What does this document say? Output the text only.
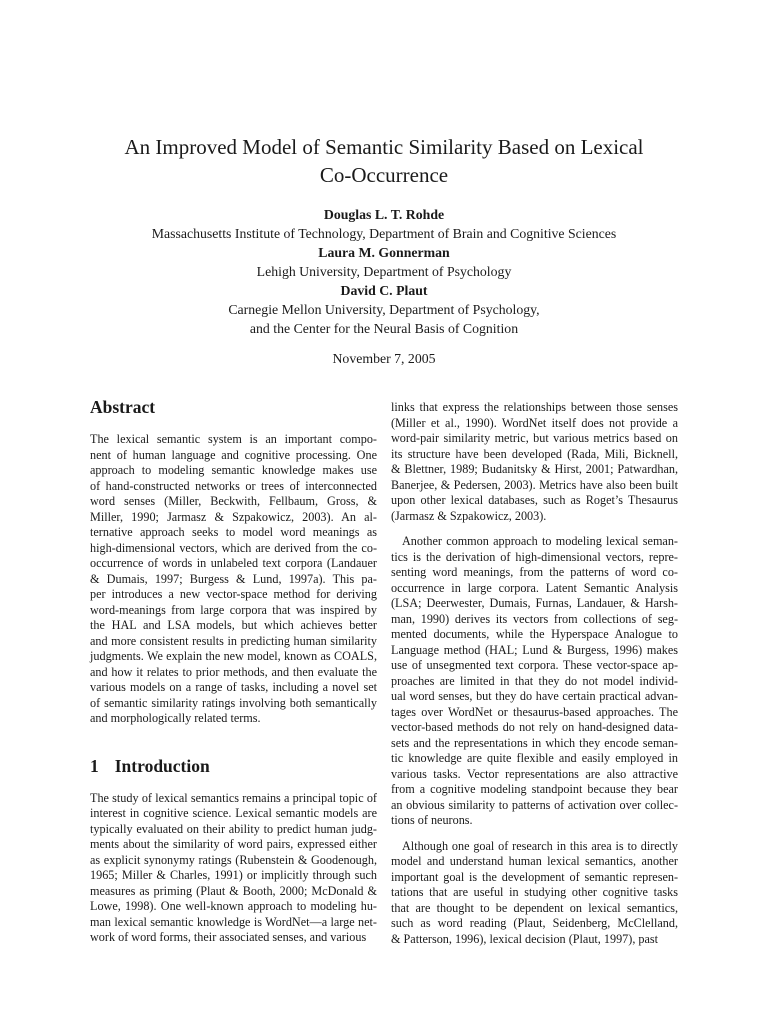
An Improved Model of Semantic Similarity Based on Lexical
Co-Occurrence
Douglas L. T. Rohde
Massachusetts Institute of Technology, Department of Brain and Cognitive Sciences
Laura M. Gonnerman
Lehigh University, Department of Psychology
David C. Plaut
Carnegie Mellon University, Department of Psychology,
and the Center for the Neural Basis of Cognition
November 7, 2005
Abstract
The lexical semantic system is an important compo-
nent of human language and cognitive processing. One
approach to modeling semantic knowledge makes use
of hand-constructed networks or trees of interconnected
word senses (Miller, Beckwith, Fellbaum, Gross, &
Miller, 1990; Jarmasz & Szpakowicz, 2003). An al-
ternative approach seeks to model word meanings as
high-dimensional vectors, which are derived from the co-
occurrence of words in unlabeled text corpora (Landauer
& Dumais, 1997; Burgess & Lund, 1997a). This pa-
per introduces a new vector-space method for deriving
word-meanings from large corpora that was inspired by
the HAL and LSA models, but which achieves better
and more consistent results in predicting human similarity
judgments. We explain the new model, known as COALS,
and how it relates to prior methods, and then evaluate the
various models on a range of tasks, including a novel set
of semantic similarity ratings involving both semantically
and morphologically related terms.
1 Introduction
The study of lexical semantics remains a principal topic of
interest in cognitive science. Lexical semantic models are
typically evaluated on their ability to predict human judg-
ments about the similarity of word pairs, expressed either
as explicit synonymy ratings (Rubenstein & Goodenough,
1965; Miller & Charles, 1991) or implicitly through such
measures as priming (Plaut & Booth, 2000; McDonald &
Lowe, 1998). One well-known approach to modeling hu-
man lexical semantic knowledge is WordNet—a large net-
work of word forms, their associated senses, and various
links that express the relationships between those senses
(Miller et al., 1990). WordNet itself does not provide a
word-pair similarity metric, but various metrics based on
its structure have been developed (Rada, Mili, Bicknell,
& Blettner, 1989; Budanitsky & Hirst, 2001; Patwardhan,
Banerjee, & Pedersen, 2003). Metrics have also been built
upon other lexical databases, such as Roget’s Thesaurus
(Jarmasz & Szpakowicz, 2003).
Another common approach to modeling lexical seman-
tics is the derivation of high-dimensional vectors, repre-
senting word meanings, from the patterns of word co-
occurrence in large corpora. Latent Semantic Analysis
(LSA; Deerwester, Dumais, Furnas, Landauer, & Harsh-
man, 1990) derives its vectors from collections of seg-
mented documents, while the Hyperspace Analogue to
Language method (HAL; Lund & Burgess, 1996) makes
use of unsegmented text corpora. These vector-space ap-
proaches are limited in that they do not model individ-
ual word senses, but they do have certain practical advan-
tages over WordNet or thesaurus-based approaches. The
vector-based methods do not rely on hand-designed data-
sets and the representations in which they encode seman-
tic knowledge are quite flexible and easily employed in
various tasks. Vector representations are also attractive
from a cognitive modeling standpoint because they bear
an obvious similarity to patterns of activation over collec-
tions of neurons.
Although one goal of research in this area is to directly
model and understand human lexical semantics, another
important goal is the development of semantic represen-
tations that are useful in studying other cognitive tasks
that are thought to be dependent on lexical semantics,
such as word reading (Plaut, Seidenberg, McClelland,
& Patterson, 1996), lexical decision (Plaut, 1997), past
